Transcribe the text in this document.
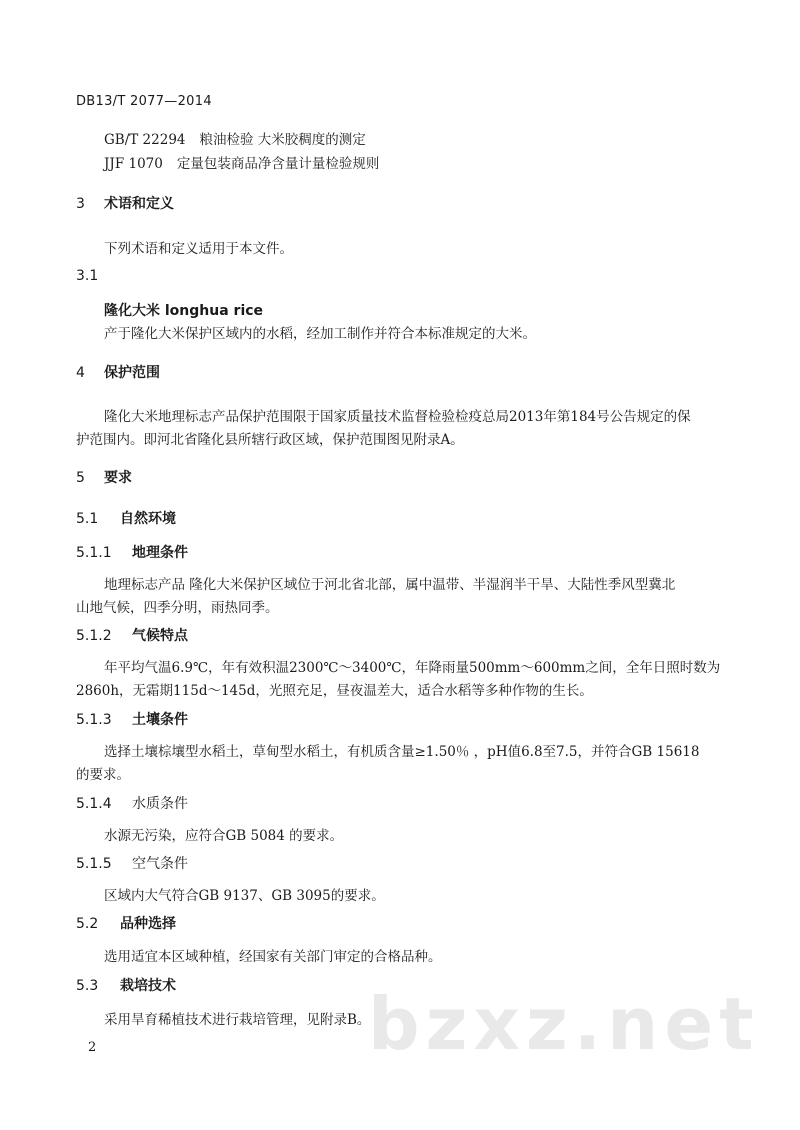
DB13/T 2077—2014
GB/T 22294 粮油检验 大米胶稠度的测定
JJF 1070 定量包装商品净含量计量检验规则
3 术语和定义
下列术语和定义适用于本文件。
3.1
隆化大米 longhua rice
产于隆化大米保护区域内的水稻，经加工制作并符合本标准规定的大米。
4 保护范围
隆化大米地理标志产品保护范围限于国家质量技术监督检验检疫总局2013年第184号公告规定的保
护范围内。即河北省隆化县所辖行政区域，保护范围图见附录A。
5 要求
5.1 自然环境
5.1.1 地理条件
地理标志产品 隆化大米保护区域位于河北省北部，属中温带、半湿润半干旱、大陆性季风型冀北
山地气候，四季分明，雨热同季。
5.1.2 气候特点
年平均气温6.9℃，年有效积温2300℃～3400℃，年降雨量500mm～600mm之间，全年日照时数为
2860h，无霜期115d～145d，光照充足，昼夜温差大，适合水稻等多种作物的生长。
5.1.3 土壤条件
选择土壤棕壤型水稻土，草甸型水稻土，有机质含量≥1.50％ ，pH值6.8至7.5，并符合GB 15618
的要求。
5.1.4 水质条件
水源无污染，应符合GB 5084 的要求。
5.1.5 空气条件
区域内大气符合GB 9137、GB 3095的要求。
5.2 品种选择
选用适宜本区域种植，经国家有关部门审定的合格品种。
5.3 栽培技术
采用旱育稀植技术进行栽培管理，见附录B。
bzxz.net
2
